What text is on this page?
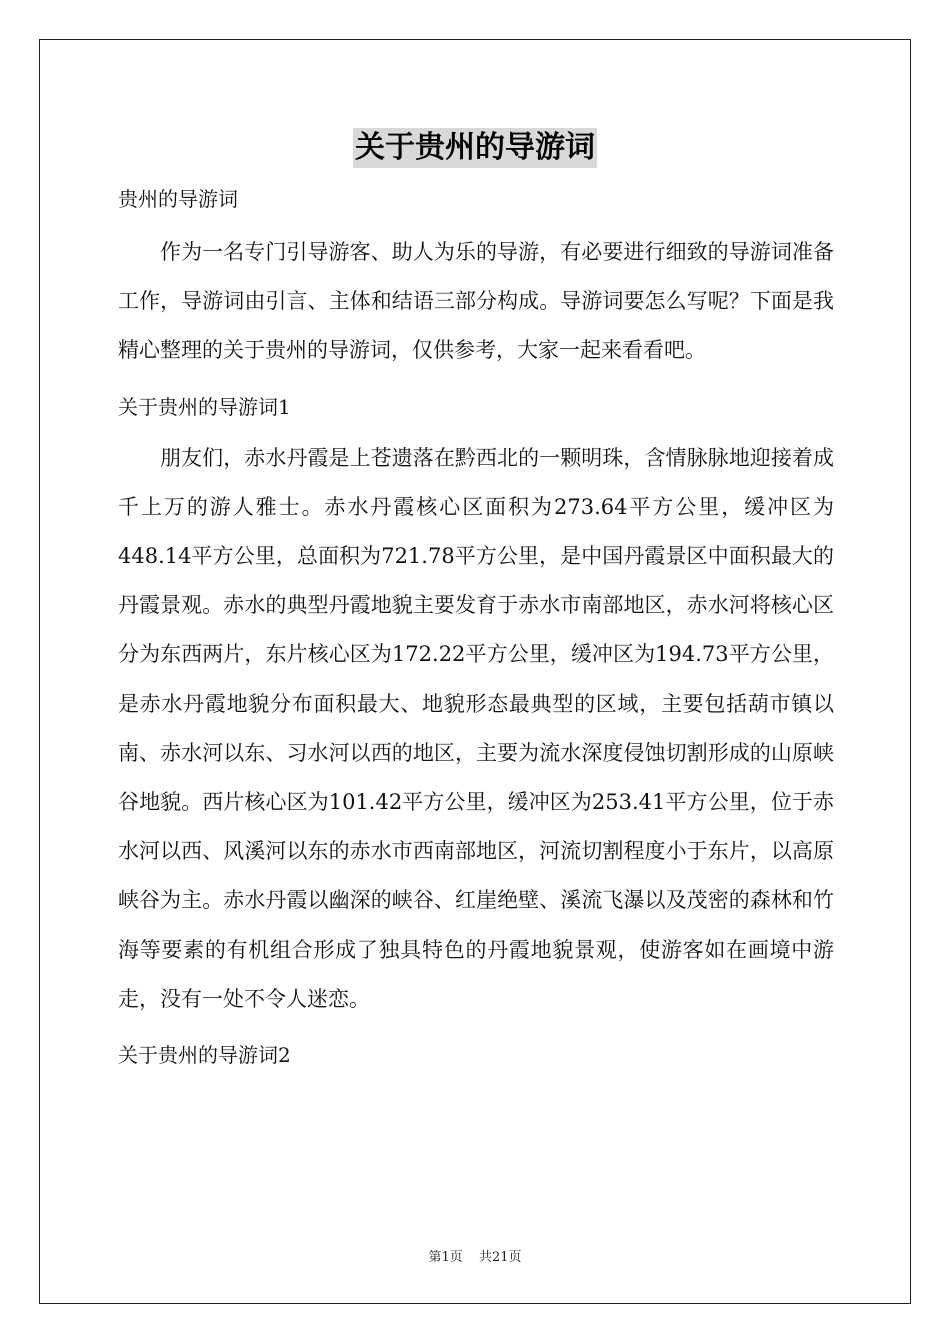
关于贵州的导游词

贵州的导游词

作为一名专门引导游客、助人为乐的导游，有必要进行细致的导游词准备工作，导游词由引言、主体和结语三部分构成。导游词要怎么写呢？下面是我精心整理的关于贵州的导游词，仅供参考，大家一起来看看吧。

关于贵州的导游词1

朋友们，赤水丹霞是上苍遗落在黔西北的一颗明珠，含情脉脉地迎接着成千上万的游人雅士。赤水丹霞核心区面积为273.64平方公里，缓冲区为448.14平方公里，总面积为721.78平方公里，是中国丹霞景区中面积最大的丹霞景观。赤水的典型丹霞地貌主要发育于赤水市南部地区，赤水河将核心区分为东西两片，东片核心区为172.22平方公里，缓冲区为194.73平方公里，是赤水丹霞地貌分布面积最大、地貌形态最典型的区域，主要包括葫市镇以南、赤水河以东、习水河以西的地区，主要为流水深度侵蚀切割形成的山原峡谷地貌。西片核心区为101.42平方公里，缓冲区为253.41平方公里，位于赤水河以西、风溪河以东的赤水市西南部地区，河流切割程度小于东片，以高原峡谷为主。赤水丹霞以幽深的峡谷、红崖绝壁、溪流飞瀑以及茂密的森林和竹海等要素的有机组合形成了独具特色的丹霞地貌景观，使游客如在画境中游走，没有一处不令人迷恋。

关于贵州的导游词2

第1页 共21页
